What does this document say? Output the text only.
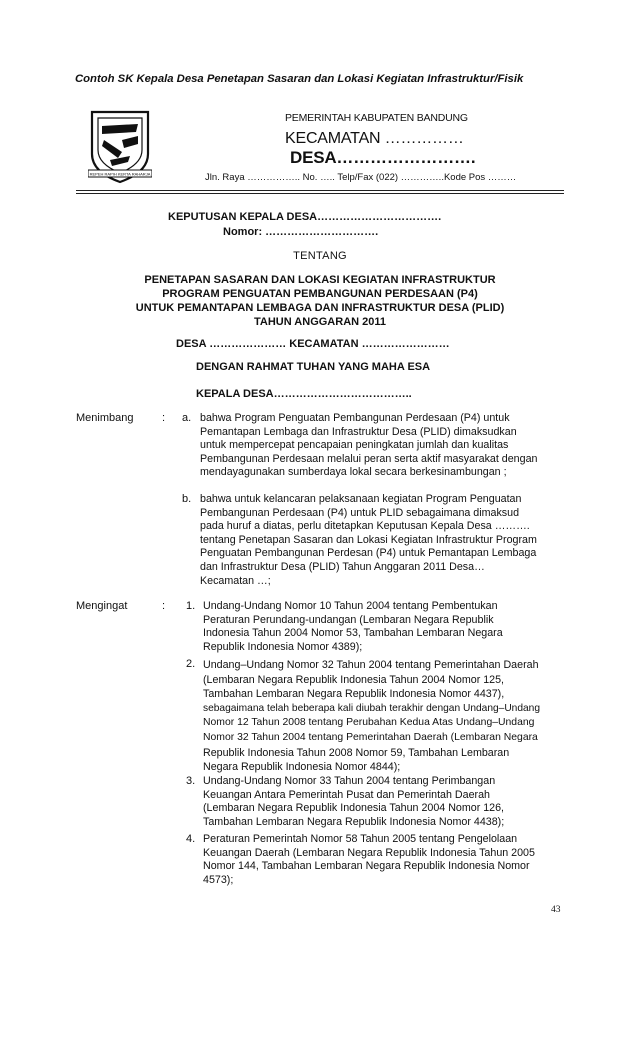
Contoh SK Kepala Desa Penetapan Sasaran dan Lokasi Kegiatan Infrastruktur/Fisik
REPEH RAPIH KERTA RAHARJA
PEMERINTAH KABUPATEN BANDUNG
KECAMATAN ……………
DESA…………………….
Jln. Raya …………….. No. ….. Telp/Fax (022) …………..Kode Pos ………
KEPUTUSAN KEPALA DESA…………………………….
Nomor: ………………………….
TENTANG
PENETAPAN SASARAN DAN LOKASI KEGIATAN INFRASTRUKTUR
PROGRAM PENGUATAN PEMBANGUNAN PERDESAAN (P4)
UNTUK PEMANTAPAN LEMBAGA DAN INFRASTRUKTUR DESA (PLID)
TAHUN ANGGARAN 2011
DESA ………………… KECAMATAN ……………………
DENGAN RAHMAT TUHAN YANG MAHA ESA
KEPALA DESA………………………………..
Menimbang	: a. bahwa Program Penguatan Pembangunan Perdesaan (P4) untuk
Pemantapan Lembaga dan Infrastruktur Desa (PLID) dimaksudkan
untuk mempercepat pencapaian peningkatan jumlah dan kualitas
Pembangunan Perdesaan melalui peran serta aktif masyarakat dengan
mendayagunakan sumberdaya lokal secara berkesinambungan ;
b. bahwa untuk kelancaran pelaksanaan kegiatan Program Penguatan
Pembangunan Perdesaan (P4) untuk PLID sebagaimana dimaksud
pada huruf a diatas, perlu ditetapkan Keputusan Kepala Desa ……….
tentang Penetapan Sasaran dan Lokasi Kegiatan Infrastruktur Program
Penguatan Pembangunan Perdesan (P4) untuk Pemantapan Lembaga
dan Infrastruktur Desa (PLID) Tahun Anggaran 2011 Desa…
Kecamatan …;
Mengingat	: 1. Undang-Undang Nomor 10 Tahun 2004 tentang Pembentukan
Peraturan Perundang-undangan (Lembaran Negara Republik
Indonesia Tahun 2004 Nomor 53, Tambahan Lembaran Negara
Republik Indonesia Nomor 4389);
2. Undang–Undang Nomor 32 Tahun 2004 tentang Pemerintahan Daerah
(Lembaran Negara Republik Indonesia Tahun 2004 Nomor 125,
Tambahan Lembaran Negara Republik Indonesia Nomor 4437),
sebagaimana telah beberapa kali diubah terakhir dengan Undang–Undang
Nomor 12 Tahun 2008 tentang Perubahan Kedua Atas Undang–Undang
Nomor 32 Tahun 2004 tentang Pemerintahan Daerah (Lembaran Negara
Republik Indonesia Tahun 2008 Nomor 59, Tambahan Lembaran
Negara Republik Indonesia Nomor 4844);
3. Undang-Undang Nomor 33 Tahun 2004 tentang Perimbangan
Keuangan Antara Pemerintah Pusat dan Pemerintah Daerah
(Lembaran Negara Republik Indonesia Tahun 2004 Nomor 126,
Tambahan Lembaran Negara Republik Indonesia Nomor 4438);
4. Peraturan Pemerintah Nomor 58 Tahun 2005 tentang Pengelolaan
Keuangan Daerah (Lembaran Negara Republik Indonesia Tahun 2005
Nomor 144, Tambahan Lembaran Negara Republik Indonesia Nomor
4573);
43
